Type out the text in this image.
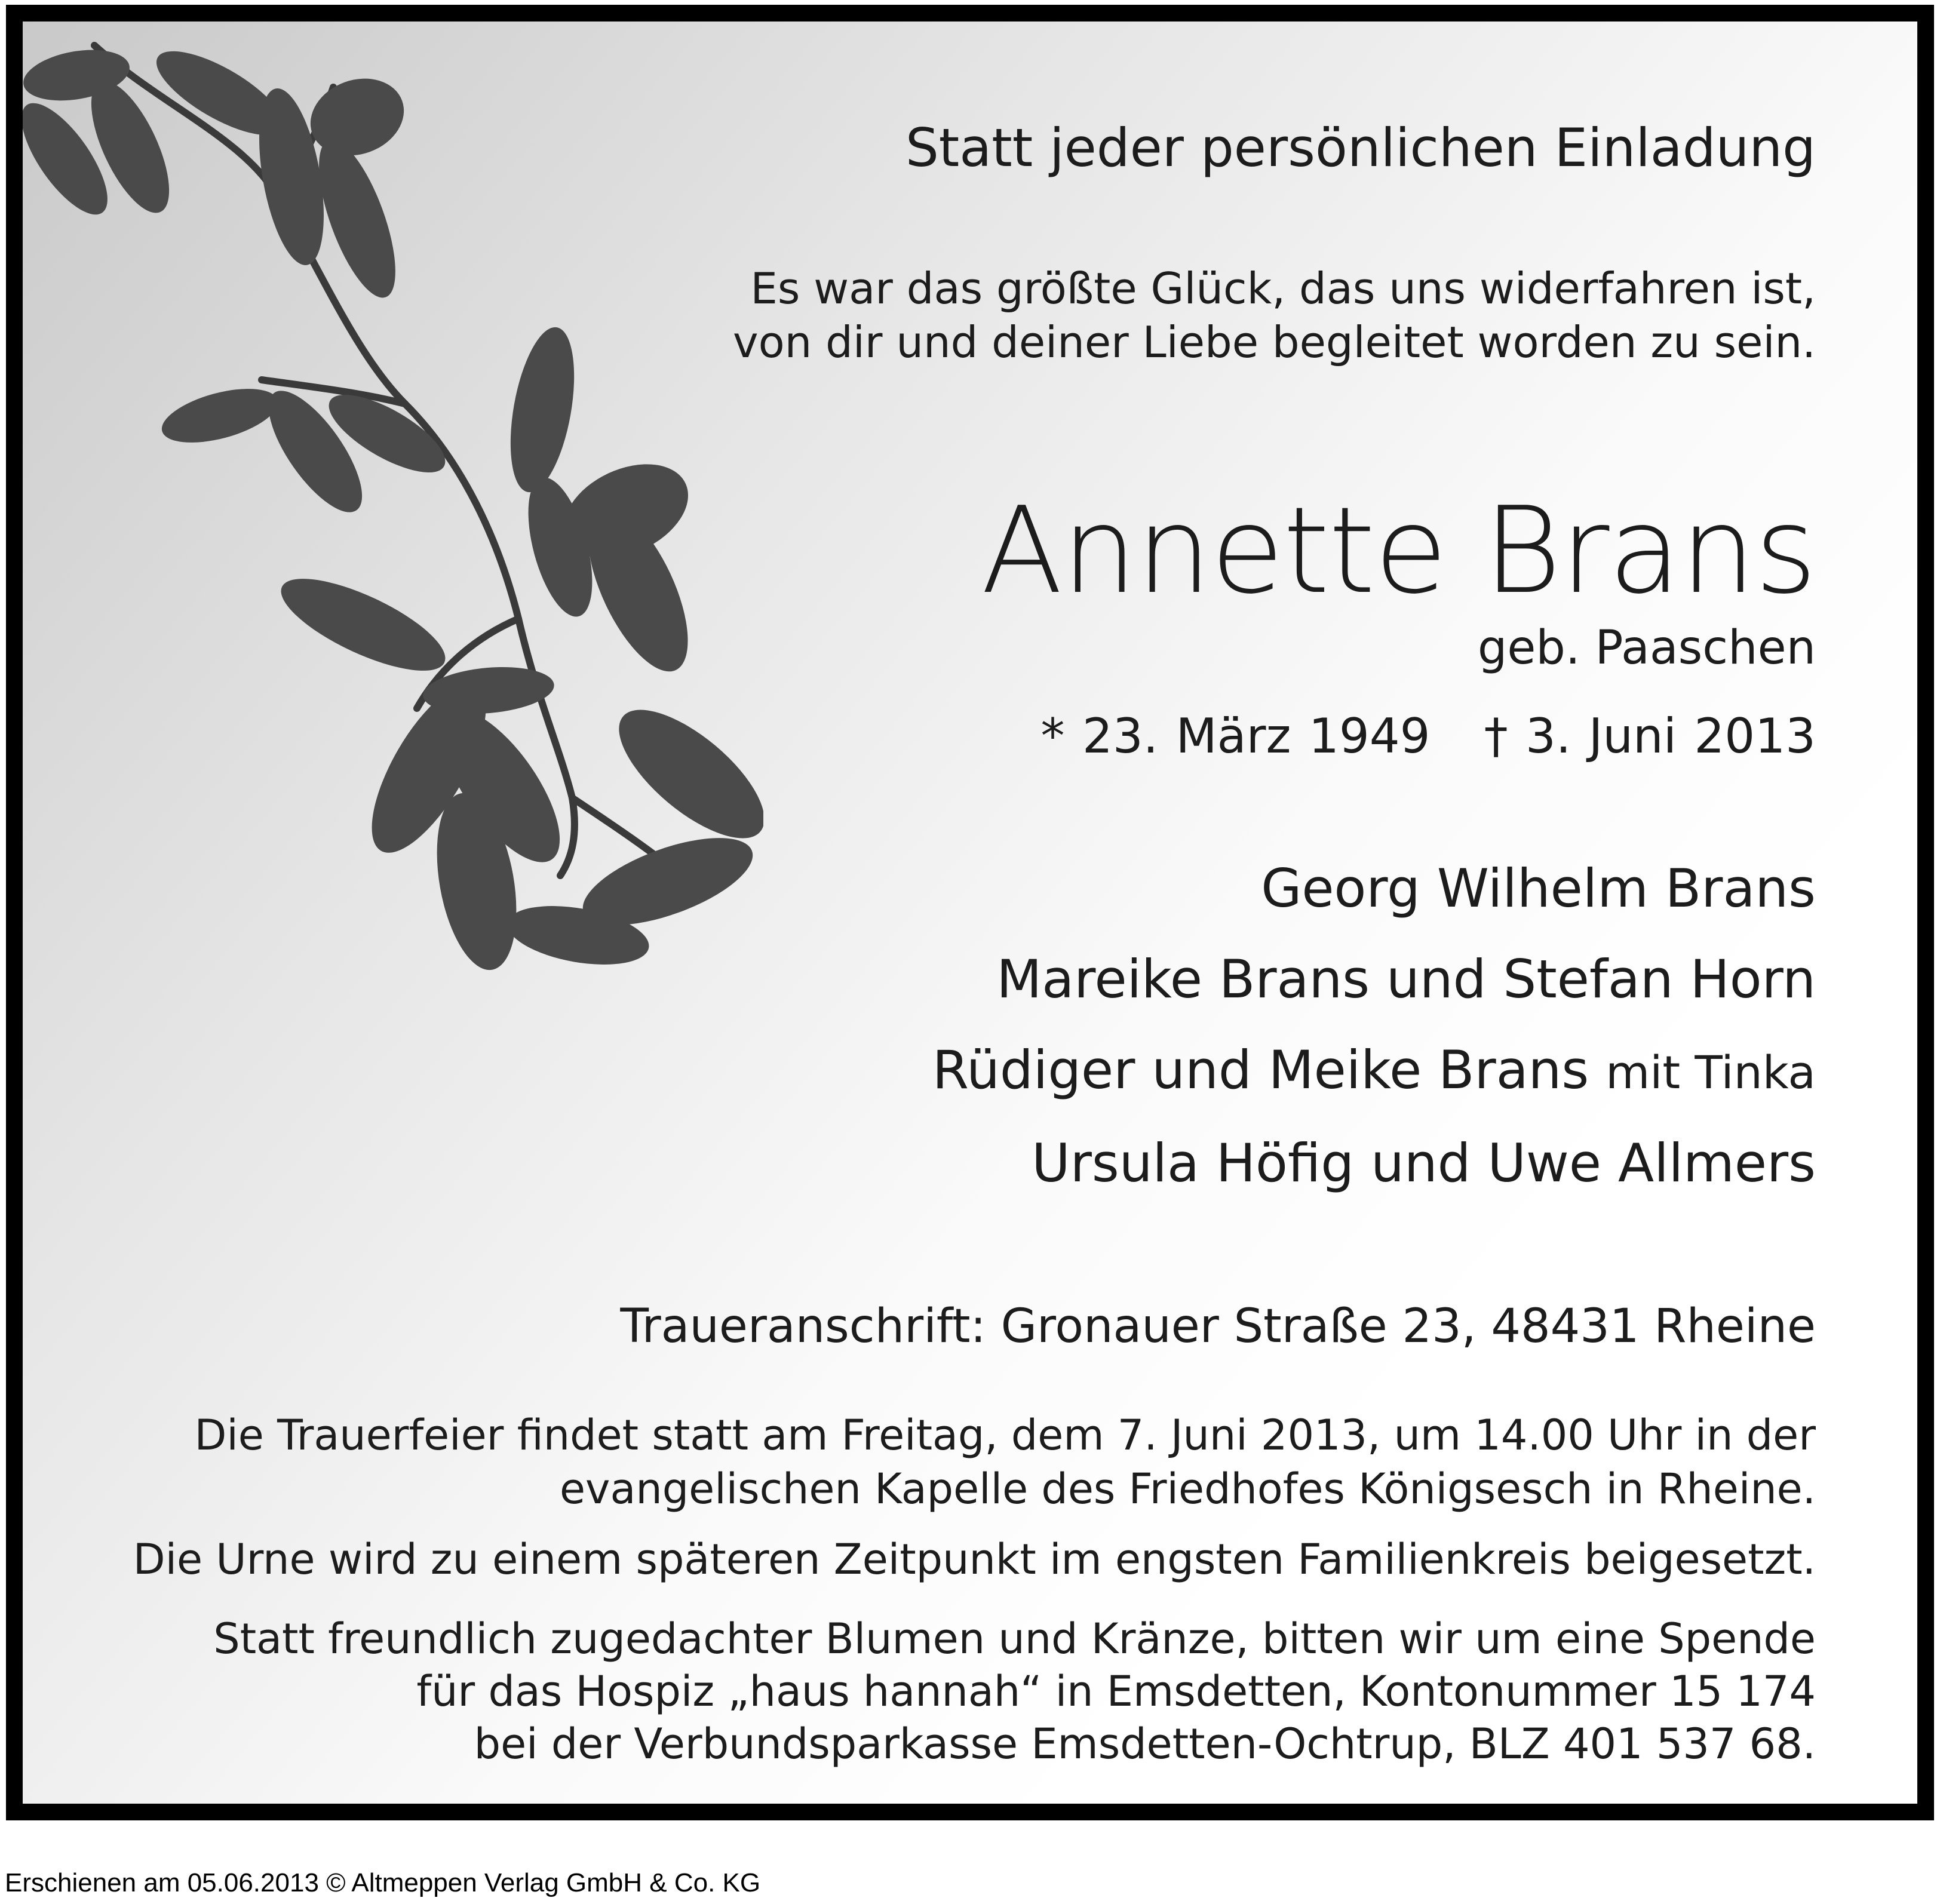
Statt jeder persönlichen Einladung
Es war das größte Glück, das uns widerfahren ist,
von dir und deiner Liebe begleitet worden zu sein.
Annette Brans
geb. Paaschen
* 23. März 1949 † 3. Juni 2013
Georg Wilhelm Brans
Mareike Brans und Stefan Horn
Rüdiger und Meike Brans mit Tinka
Ursula Höfig und Uwe Allmers
Traueranschrift: Gronauer Straße 23, 48431 Rheine
Die Trauerfeier findet statt am Freitag, dem 7. Juni 2013, um 14.00 Uhr in der
evangelischen Kapelle des Friedhofes Königsesch in Rheine.
Die Urne wird zu einem späteren Zeitpunkt im engsten Familienkreis beigesetzt.
Statt freundlich zugedachter Blumen und Kränze, bitten wir um eine Spende
für das Hospiz „haus hannah“ in Emsdetten, Kontonummer 15 174
bei der Verbundsparkasse Emsdetten-Ochtrup, BLZ 401 537 68.
Erschienen am 05.06.2013 © Altmeppen Verlag GmbH & Co. KG
